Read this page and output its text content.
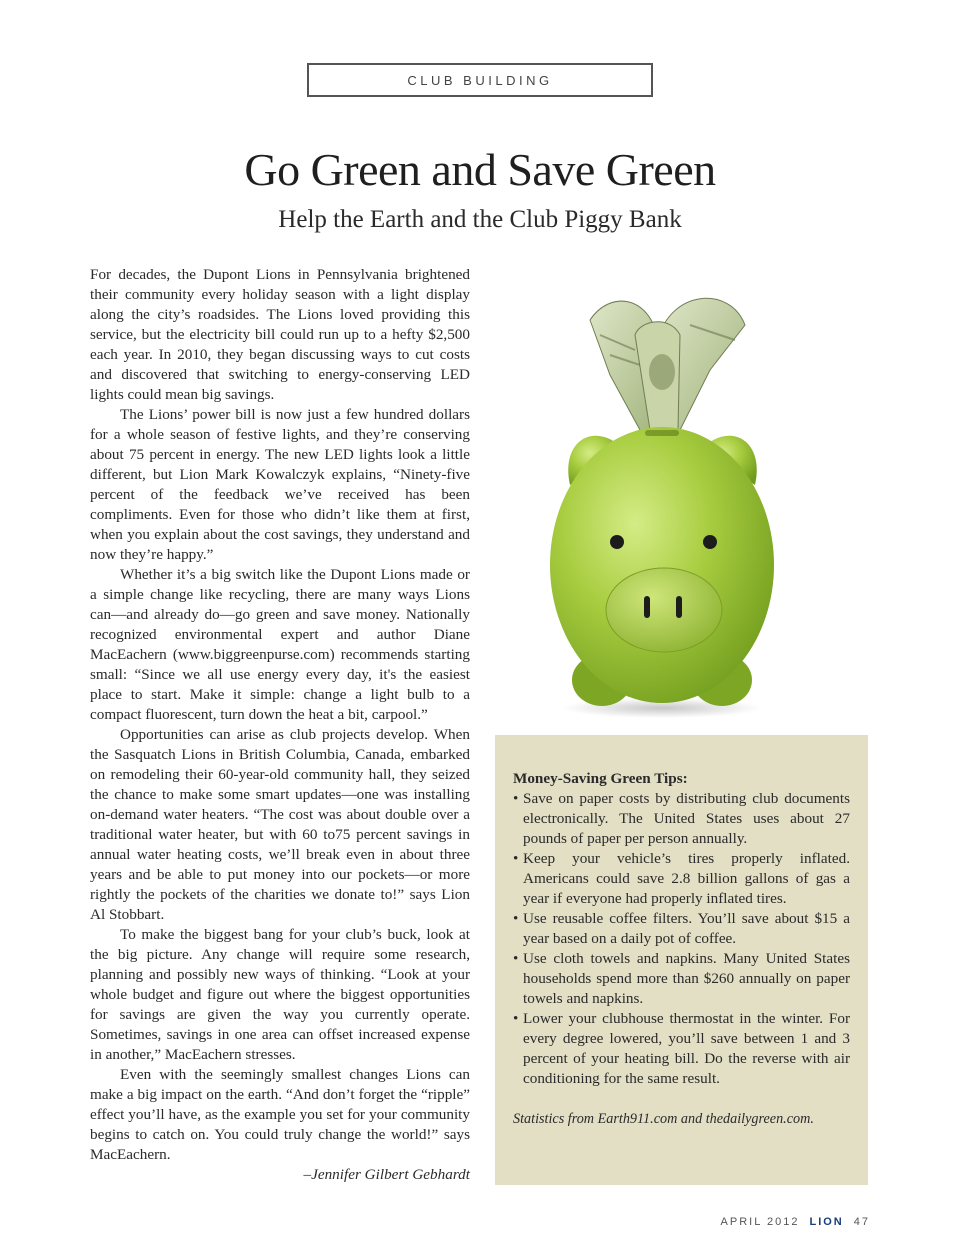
CLUB BUILDING
Go Green and Save Green
Help the Earth and the Club Piggy Bank

For decades, the Dupont Lions in Pennsylvania brightened their community every holiday season with a light display along the city’s roadsides. The Lions loved providing this service, but the electricity bill could run up to a hefty $2,500 each year. In 2010, they began discussing ways to cut costs and discovered that switching to energy-conserving LED lights could mean big savings.

The Lions’ power bill is now just a few hundred dollars for a whole season of festive lights, and they’re conserving about 75 percent in energy. The new LED lights look a little different, but Lion Mark Kowalczyk explains, “Ninety-five percent of the feedback we’ve received has been compliments. Even for those who didn’t like them at first, when you explain about the cost savings, they understand and now they’re happy.”

Whether it’s a big switch like the Dupont Lions made or a simple change like recycling, there are many ways Lions can—and already do—go green and save money. Nationally recognized environmental expert and author Diane MacEachern (www.biggreenpurse.com) recommends starting small: “Since we all use energy every day, it's the easiest place to start. Make it simple: change a light bulb to a compact fluorescent, turn down the heat a bit, carpool.”

Opportunities can arise as club projects develop. When the Sasquatch Lions in British Columbia, Canada, embarked on remodeling their 60-year-old community hall, they seized the chance to make some smart updates—one was installing on-demand water heaters. “The cost was about double over a traditional water heater, but with 60 to75 percent savings in annual water heating costs, we’ll break even in about three years and be able to put money into our pockets—or more rightly the pockets of the charities we donate to!” says Lion Al Stobbart.

To make the biggest bang for your club’s buck, look at the big picture. Any change will require some research, planning and possibly new ways of thinking. “Look at your whole budget and figure out where the biggest opportunities for savings are given the way you currently operate. Sometimes, savings in one area can offset increased expense in another,” MacEachern stresses.

Even with the seemingly smallest changes Lions can make a big impact on the earth. “And don’t forget the “ripple” effect you’ll have, as the example you set for your community begins to catch on. You could truly change the world!” says MacEachern.

–Jennifer Gilbert Gebhardt

Money-Saving Green Tips:

• Save on paper costs by distributing club documents electronically. The United States uses about 27 pounds of paper per person annually.
• Keep your vehicle’s tires properly inflated. Americans could save 2.8 billion gallons of gas a year if everyone had properly inflated tires.
• Use reusable coffee filters. You’ll save about $15 a year based on a daily pot of coffee.
• Use cloth towels and napkins. Many United States households spend more than $260 annually on paper towels and napkins.
• Lower your clubhouse thermostat in the winter. For every degree lowered, you’ll save between 1 and 3 percent of your heating bill. Do the reverse with air conditioning for the same result.

Statistics from Earth911.com and thedailygreen.com.

APRIL 2012 LION 47
